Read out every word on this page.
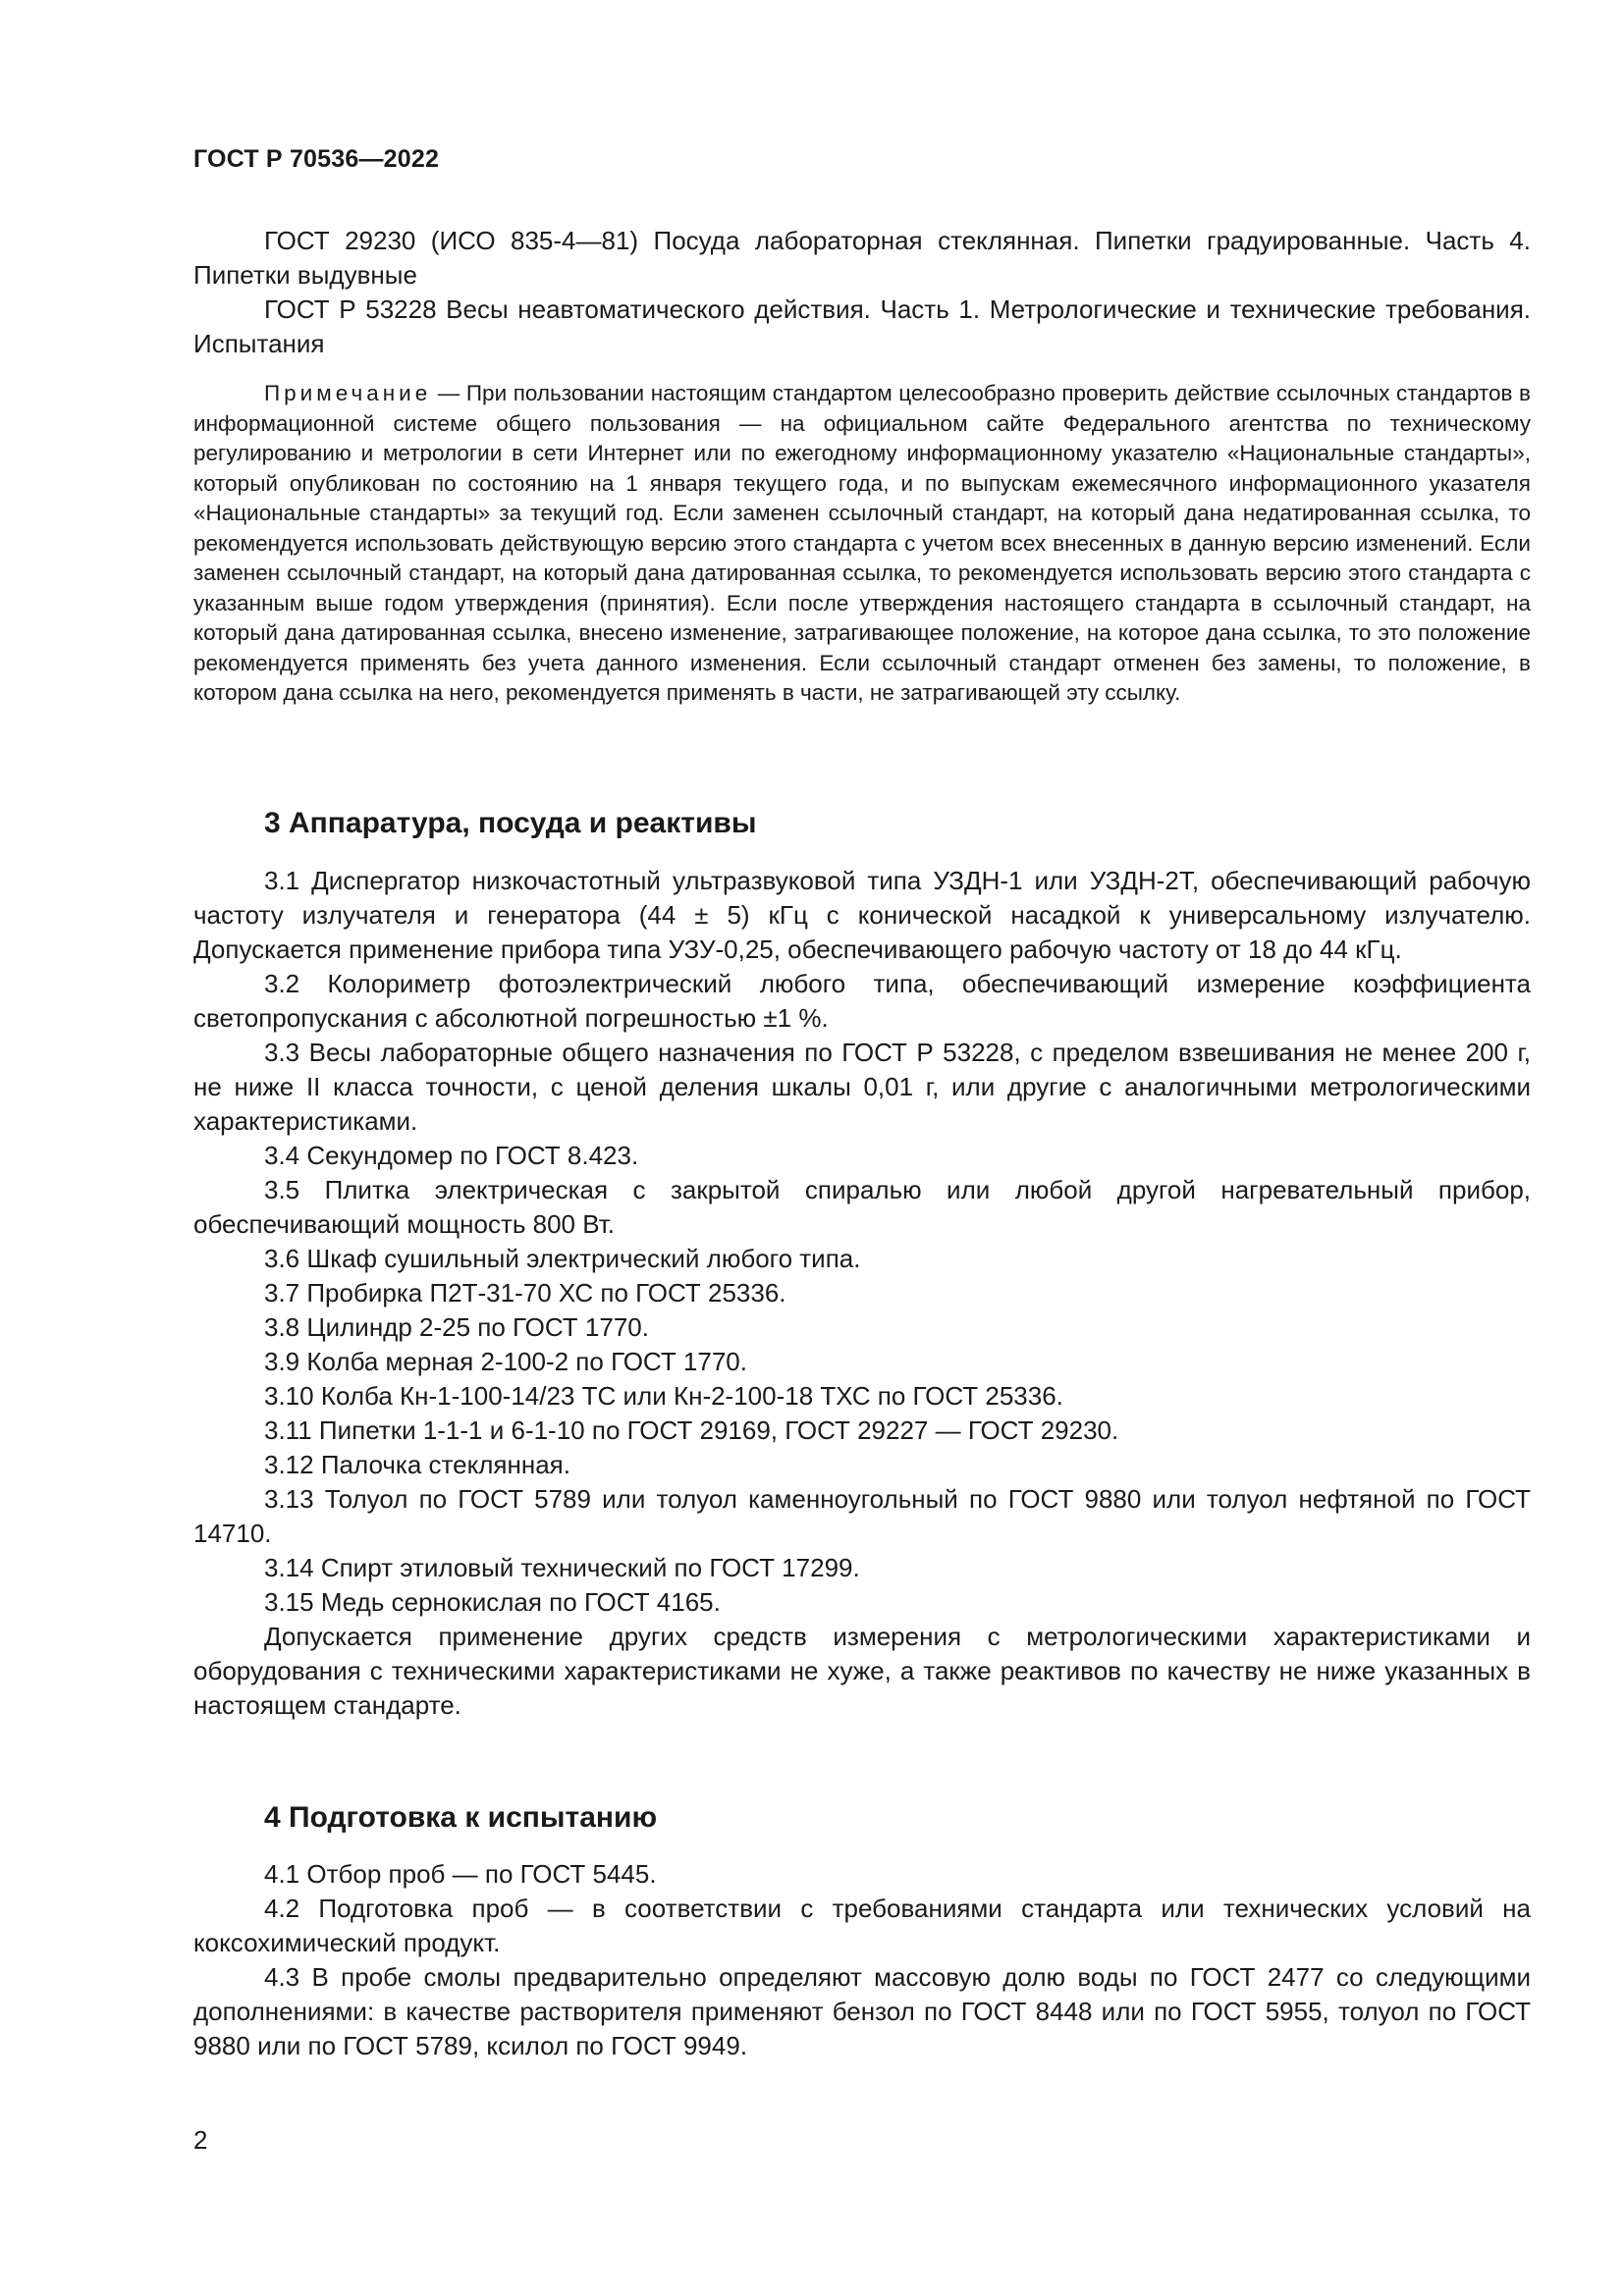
ГОСТ Р 70536—2022

ГОСТ 29230 (ИСО 835-4—81) Посуда лабораторная стеклянная. Пипетки градуированные. Часть 4. Пипетки выдувные

ГОСТ Р 53228 Весы неавтоматического действия. Часть 1. Метрологические и технические требования. Испытания

Примечание — При пользовании настоящим стандартом целесообразно проверить действие ссылочных стандартов в информационной системе общего пользования — на официальном сайте Федерального агентства по техническому регулированию и метрологии в сети Интернет или по ежегодному информационному указателю «Национальные стандарты», который опубликован по состоянию на 1 января текущего года, и по выпускам ежемесячного информационного указателя «Национальные стандарты» за текущий год. Если заменен ссылочный стандарт, на который дана недатированная ссылка, то рекомендуется использовать действующую версию этого стандарта с учетом всех внесенных в данную версию изменений. Если заменен ссылочный стандарт, на который дана датированная ссылка, то рекомендуется использовать версию этого стандарта с указанным выше годом утверждения (принятия). Если после утверждения настоящего стандарта в ссылочный стандарт, на который дана датированная ссылка, внесено изменение, затрагивающее положение, на которое дана ссылка, то это положение рекомендуется применять без учета данного изменения. Если ссылочный стандарт отменен без замены, то положение, в котором дана ссылка на него, рекомендуется применять в части, не затрагивающей эту ссылку.

3 Аппаратура, посуда и реактивы

3.1 Диспергатор низкочастотный ультразвуковой типа УЗДН-1 или УЗДН-2Т, обеспечивающий рабочую частоту излучателя и генератора (44 ± 5) кГц с конической насадкой к универсальному излучателю. Допускается применение прибора типа УЗУ-0,25, обеспечивающего рабочую частоту от 18 до 44 кГц.

3.2 Колориметр фотоэлектрический любого типа, обеспечивающий измерение коэффициента светопропускания с абсолютной погрешностью ±1 %.

3.3 Весы лабораторные общего назначения по ГОСТ Р 53228, с пределом взвешивания не менее 200 г, не ниже II класса точности, с ценой деления шкалы 0,01 г, или другие с аналогичными метрологическими характеристиками.

3.4 Секундомер по ГОСТ 8.423.

3.5 Плитка электрическая с закрытой спиралью или любой другой нагревательный прибор, обеспечивающий мощность 800 Вт.

3.6 Шкаф сушильный электрический любого типа.

3.7 Пробирка П2Т-31-70 ХС по ГОСТ 25336.

3.8 Цилиндр 2-25 по ГОСТ 1770.

3.9 Колба мерная 2-100-2 по ГОСТ 1770.

3.10 Колба Кн-1-100-14/23 ТС или Кн-2-100-18 ТХС по ГОСТ 25336.

3.11 Пипетки 1-1-1 и 6-1-10 по ГОСТ 29169, ГОСТ 29227 — ГОСТ 29230.

3.12 Палочка стеклянная.

3.13 Толуол по ГОСТ 5789 или толуол каменноугольный по ГОСТ 9880 или толуол нефтяной по ГОСТ 14710.

3.14 Спирт этиловый технический по ГОСТ 17299.

3.15 Медь сернокислая по ГОСТ 4165.

Допускается применение других средств измерения с метрологическими характеристиками и оборудования с техническими характеристиками не хуже, а также реактивов по качеству не ниже указанных в настоящем стандарте.

4 Подготовка к испытанию

4.1 Отбор проб — по ГОСТ 5445.

4.2 Подготовка проб — в соответствии с требованиями стандарта или технических условий на коксохимический продукт.

4.3 В пробе смолы предварительно определяют массовую долю воды по ГОСТ 2477 со следующими дополнениями: в качестве растворителя применяют бензол по ГОСТ 8448 или по ГОСТ 5955, толуол по ГОСТ 9880 или по ГОСТ 5789, ксилол по ГОСТ 9949.

2
